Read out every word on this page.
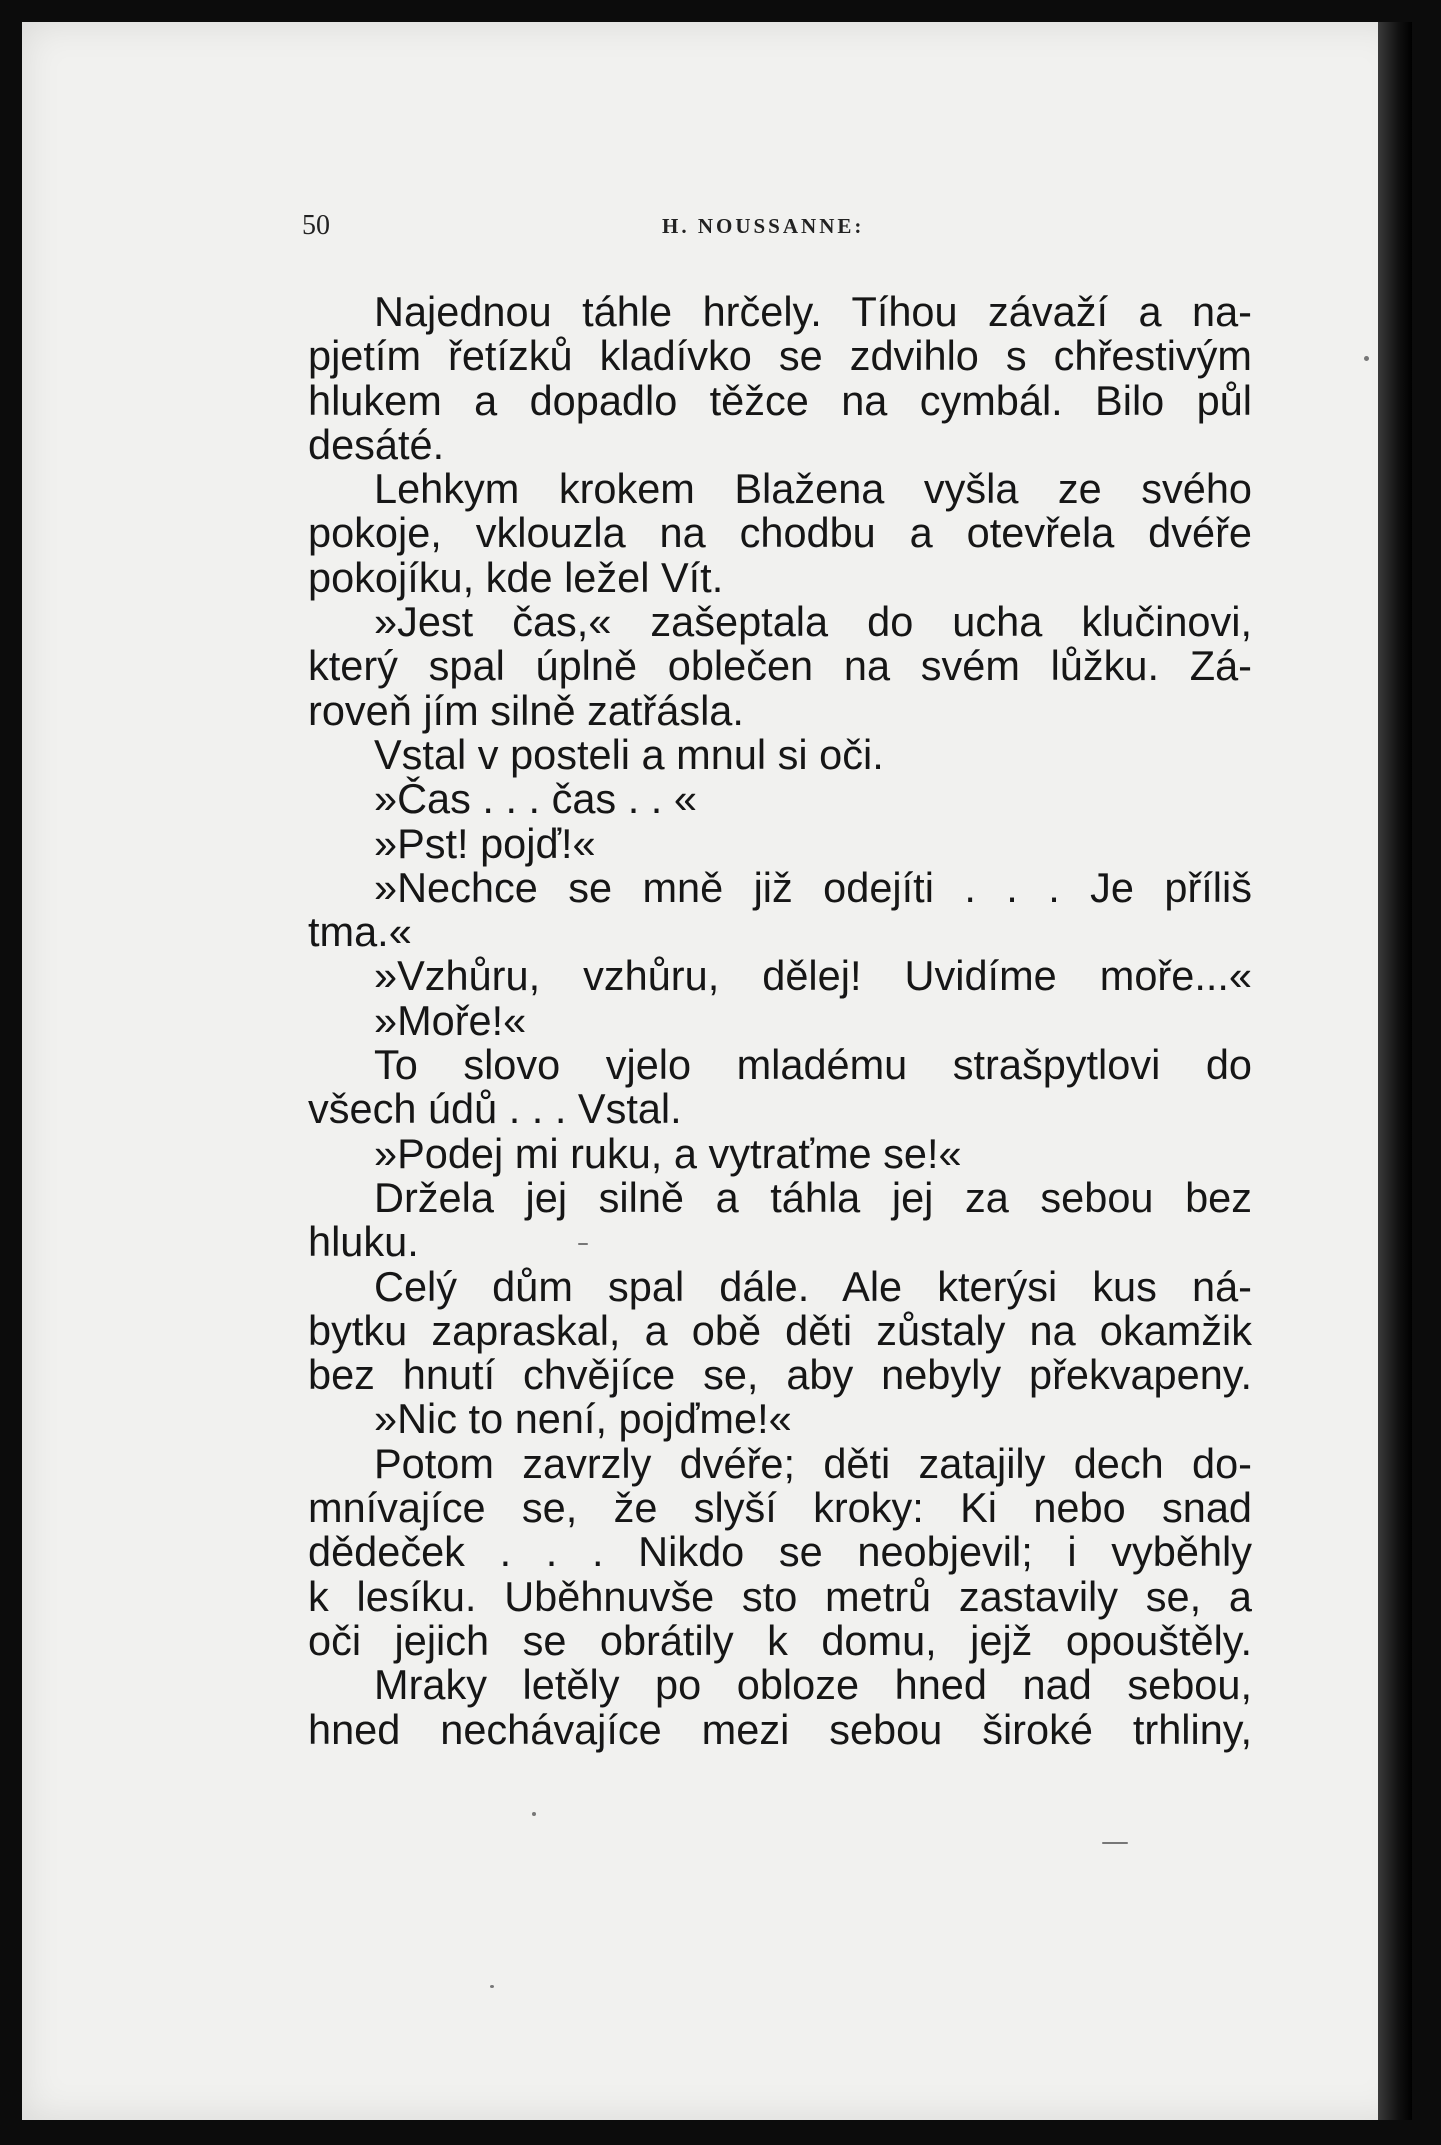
50	H. NOUSSANNE:
Najednou táhle hrčely. Tíhou závaží a na-
pjetím řetízků kladívko se zdvihlo s chřestivým
hlukem a dopadlo těžce na cymbál. Bilo půl
desáté.
Lehkym krokem Blažena vyšla ze svého
pokoje, vklouzla na chodbu a otevřela dvéře
pokojíku, kde ležel Vít.
»Jest čas,« zašeptala do ucha klučinovi,
který spal úplně oblečen na svém lůžku. Zá-
roveň jím silně zatřásla.
Vstal v posteli a mnul si oči.
»Čas . . . čas . . «
»Pst! pojď!«
»Nechce se mně již odejíti . . . Je příliš
tma.«
»Vzhůru, vzhůru, dělej! Uvidíme moře...«
»Moře!«
To slovo vjelo mladému strašpytlovi do
všech údů . . . Vstal.
»Podej mi ruku, a vytraťme se!«
Držela jej silně a táhla jej za sebou bez
hluku.
Celý dům spal dále. Ale kterýsi kus ná-
bytku zapraskal, a obě děti zůstaly na okamžik
bez hnutí chvějíce se, aby nebyly překvapeny.
»Nic to není, pojďme!«
Potom zavrzly dvéře; děti zatajily dech do-
mnívajíce se, že slyší kroky: Ki nebo snad
dědeček . . . Nikdo se neobjevil; i vyběhly
k lesíku. Uběhnuvše sto metrů zastavily se, a
oči jejich se obrátily k domu, jejž opouštěly.
Mraky letěly po obloze hned nad sebou,
hned nechávajíce mezi sebou široké trhliny,
